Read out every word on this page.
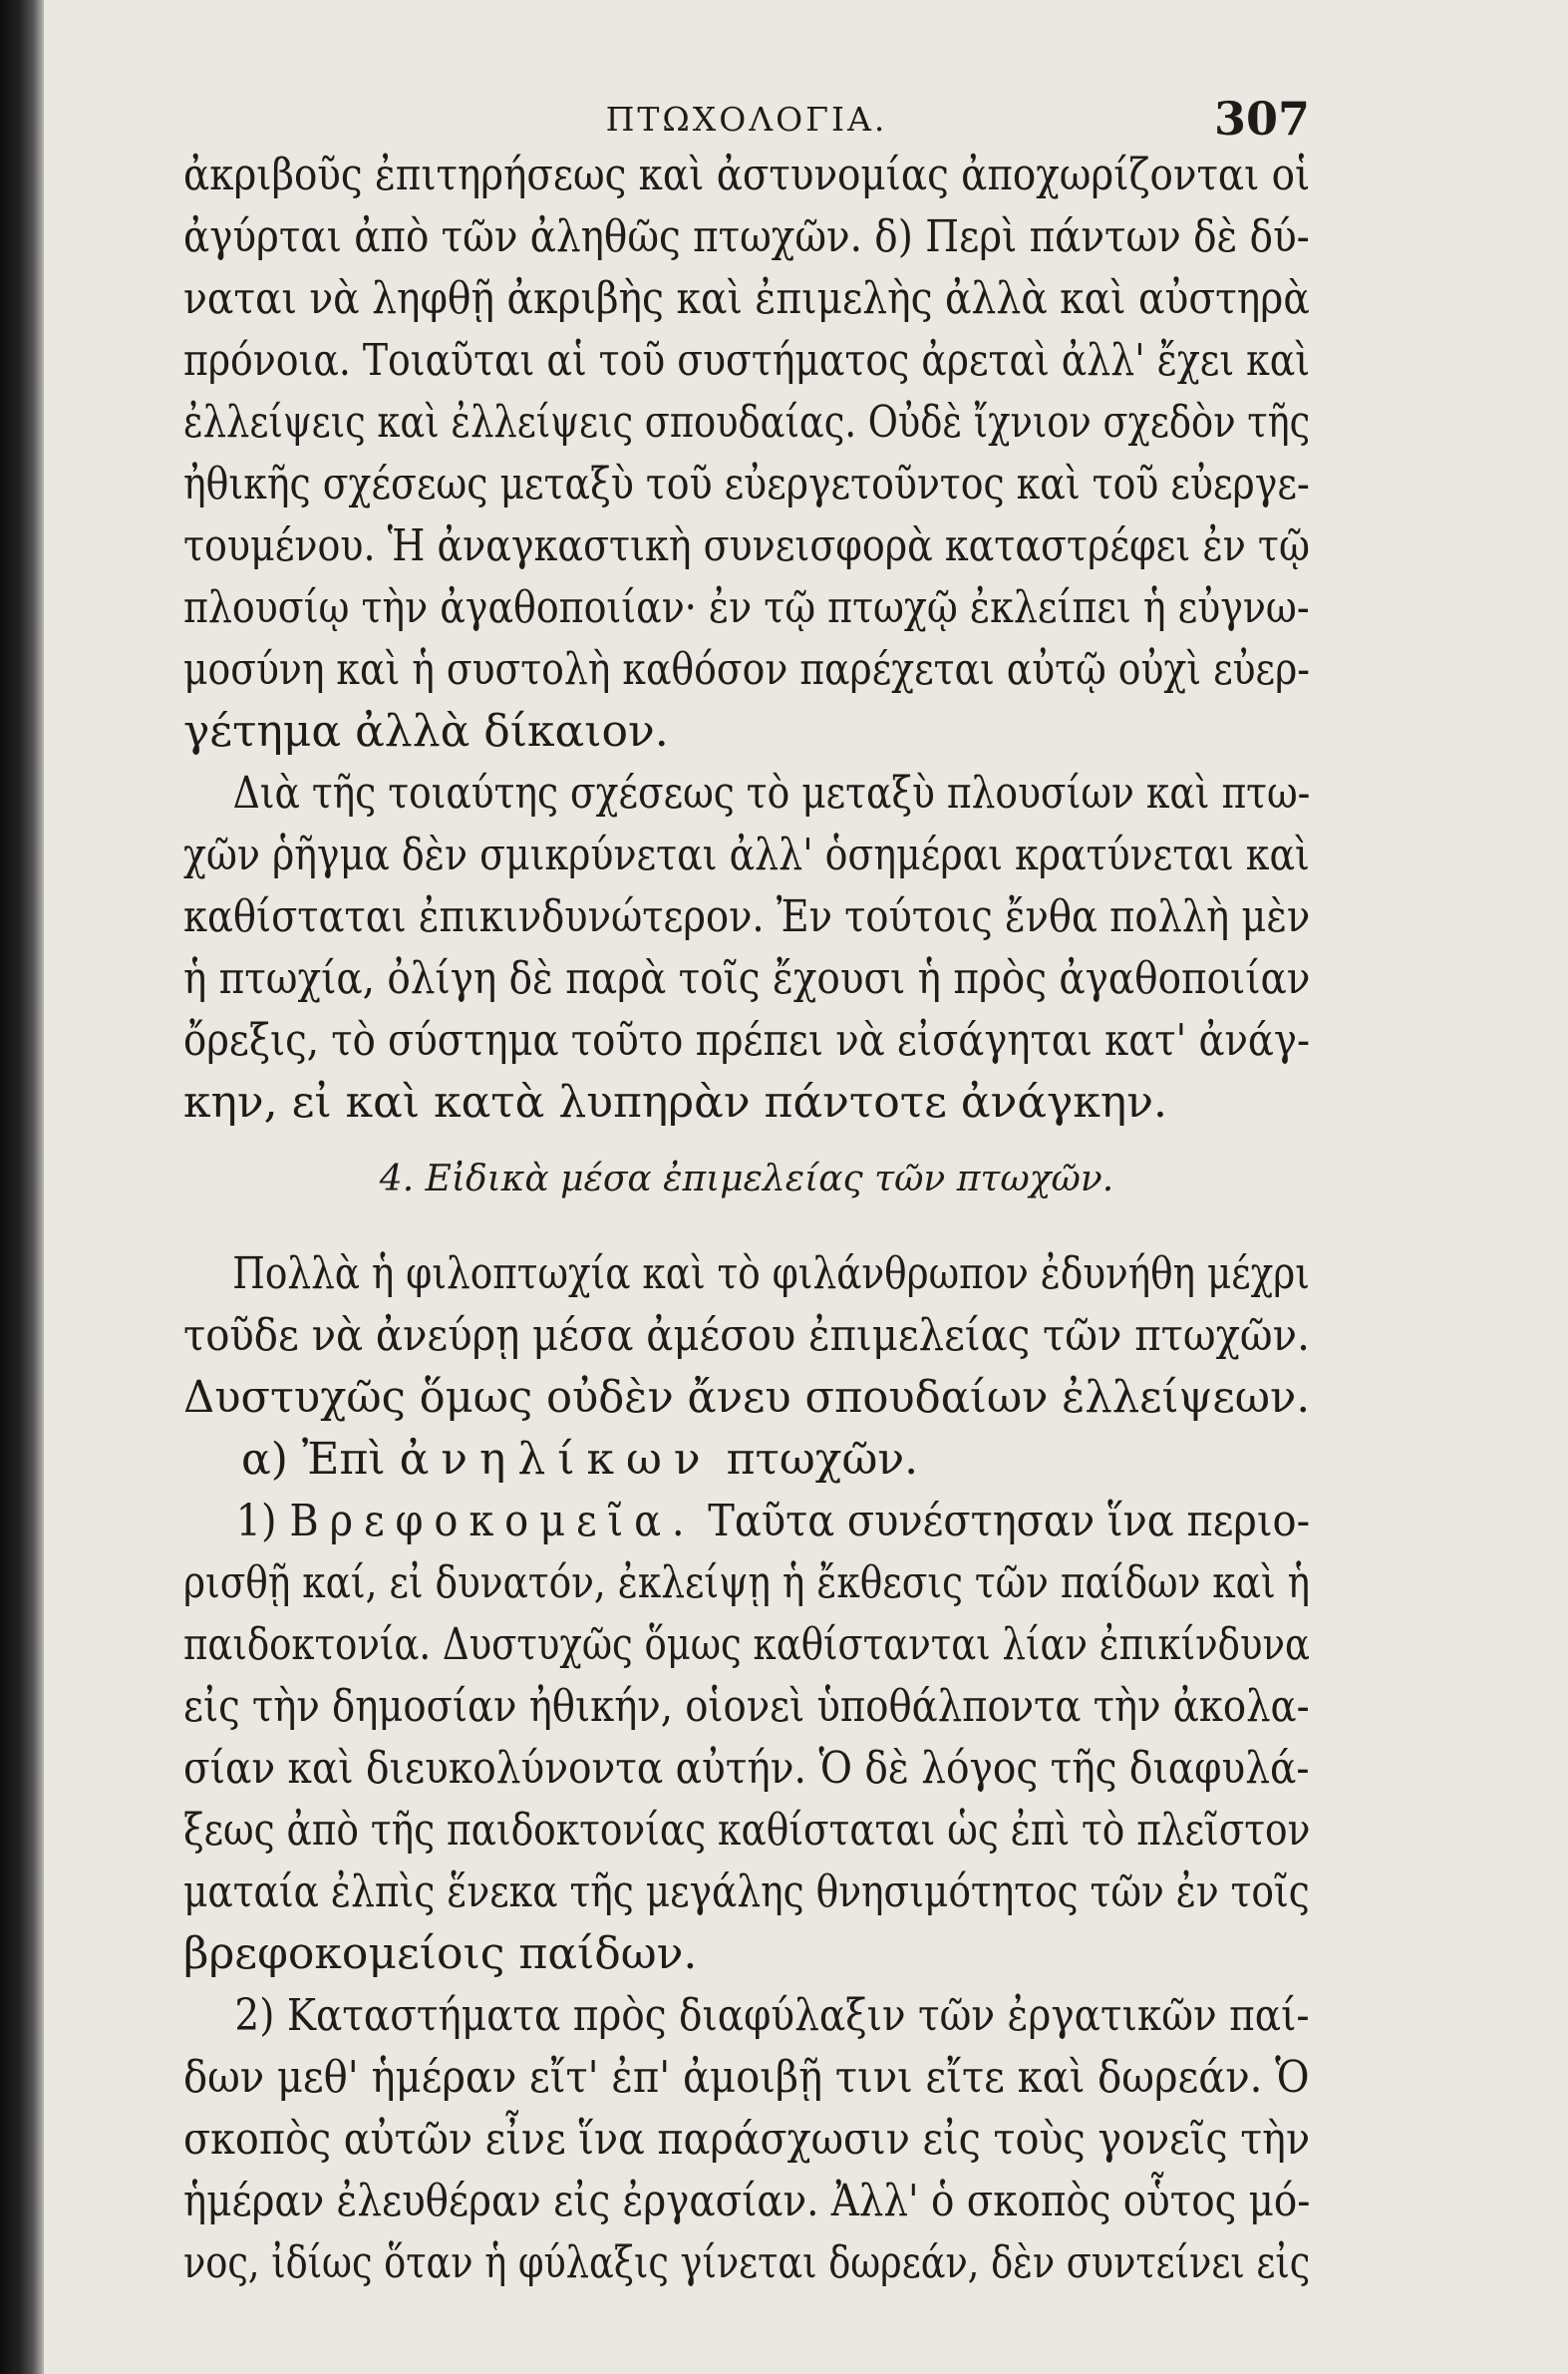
ΠΤΩΧΟΛΟΓΙΑ.	307
ἀκριβοῦς ἐπιτηρήσεως καὶ ἀστυνομίας ἀποχωρίζονται οἱ
ἀγύρται ἀπὸ τῶν ἀληθῶς πτωχῶν. δ) Περὶ πάντων δὲ δύ-
ναται νὰ ληφθῇ ἀκριβὴς καὶ ἐπιμελὴς ἀλλὰ καὶ αὐστηρὰ
πρόνοια. Τοιαῦται αἱ τοῦ συστήματος ἀρεταὶ ἀλλ' ἔχει καὶ
ἐλλείψεις καὶ ἐλλείψεις σπουδαίας. Οὐδὲ ἴχνιον σχεδὸν τῆς
ἠθικῆς σχέσεως μεταξὺ τοῦ εὐεργετοῦντος καὶ τοῦ εὐεργε-
τουμένου. Ἡ ἀναγκαστικὴ συνεισφορὰ καταστρέφει ἐν τῷ
πλουσίῳ τὴν ἀγαθοποιίαν· ἐν τῷ πτωχῷ ἐκλείπει ἡ εὐγνω-
μοσύνη καὶ ἡ συστολὴ καθόσον παρέχεται αὐτῷ οὐχὶ εὐερ-
γέτημα ἀλλὰ δίκαιον.
Διὰ τῆς τοιαύτης σχέσεως τὸ μεταξὺ πλουσίων καὶ πτω-
χῶν ῥῆγμα δὲν σμικρύνεται ἀλλ' ὁσημέραι κρατύνεται καὶ
καθίσταται ἐπικινδυνώτερον. Ἐν τούτοις ἔνθα πολλὴ μὲν
ἡ πτωχία, ὀλίγη δὲ παρὰ τοῖς ἔχουσι ἡ πρὸς ἀγαθοποιίαν
ὄρεξις, τὸ σύστημα τοῦτο πρέπει νὰ εἰσάγηται κατ' ἀνάγ-
κην, εἰ καὶ κατὰ λυπηρὰν πάντοτε ἀνάγκην.
4. Εἰδικὰ μέσα ἐπιμελείας τῶν πτωχῶν.
Πολλὰ ἡ φιλοπτωχία καὶ τὸ φιλάνθρωπον ἐδυνήθη μέχρι
τοῦδε νὰ ἀνεύρῃ μέσα ἀμέσου ἐπιμελείας τῶν πτωχῶν.
Δυστυχῶς ὅμως οὐδὲν ἄνευ σπουδαίων ἐλλείψεων.
α) Ἐπὶ ἀνηλίκων πτωχῶν.
1) Βρεφοκομεῖα. Ταῦτα συνέστησαν ἵνα περιο-
ρισθῇ καί, εἰ δυνατόν, ἐκλείψῃ ἡ ἔκθεσις τῶν παίδων καὶ ἡ
παιδοκτονία. Δυστυχῶς ὅμως καθίστανται λίαν ἐπικίνδυνα
εἰς τὴν δημοσίαν ἠθικήν, οἱονεὶ ὑποθάλποντα τὴν ἀκολα-
σίαν καὶ διευκολύνοντα αὐτήν. Ὁ δὲ λόγος τῆς διαφυλά-
ξεως ἀπὸ τῆς παιδοκτονίας καθίσταται ὡς ἐπὶ τὸ πλεῖστον
ματαία ἐλπὶς ἕνεκα τῆς μεγάλης θνησιμότητος τῶν ἐν τοῖς
βρεφοκομείοις παίδων.
2) Καταστήματα πρὸς διαφύλαξιν τῶν ἐργατικῶν παί-
δων μεθ' ἡμέραν εἴτ' ἐπ' ἀμοιβῇ τινι εἴτε καὶ δωρεάν. Ὁ
σκοπὸς αὐτῶν εἶνε ἵνα παράσχωσιν εἰς τοὺς γονεῖς τὴν
ἡμέραν ἐλευθέραν εἰς ἐργασίαν. Ἀλλ' ὁ σκοπὸς οὗτος μό-
νος, ἰδίως ὅταν ἡ φύλαξις γίνεται δωρεάν, δὲν συντείνει εἰς
